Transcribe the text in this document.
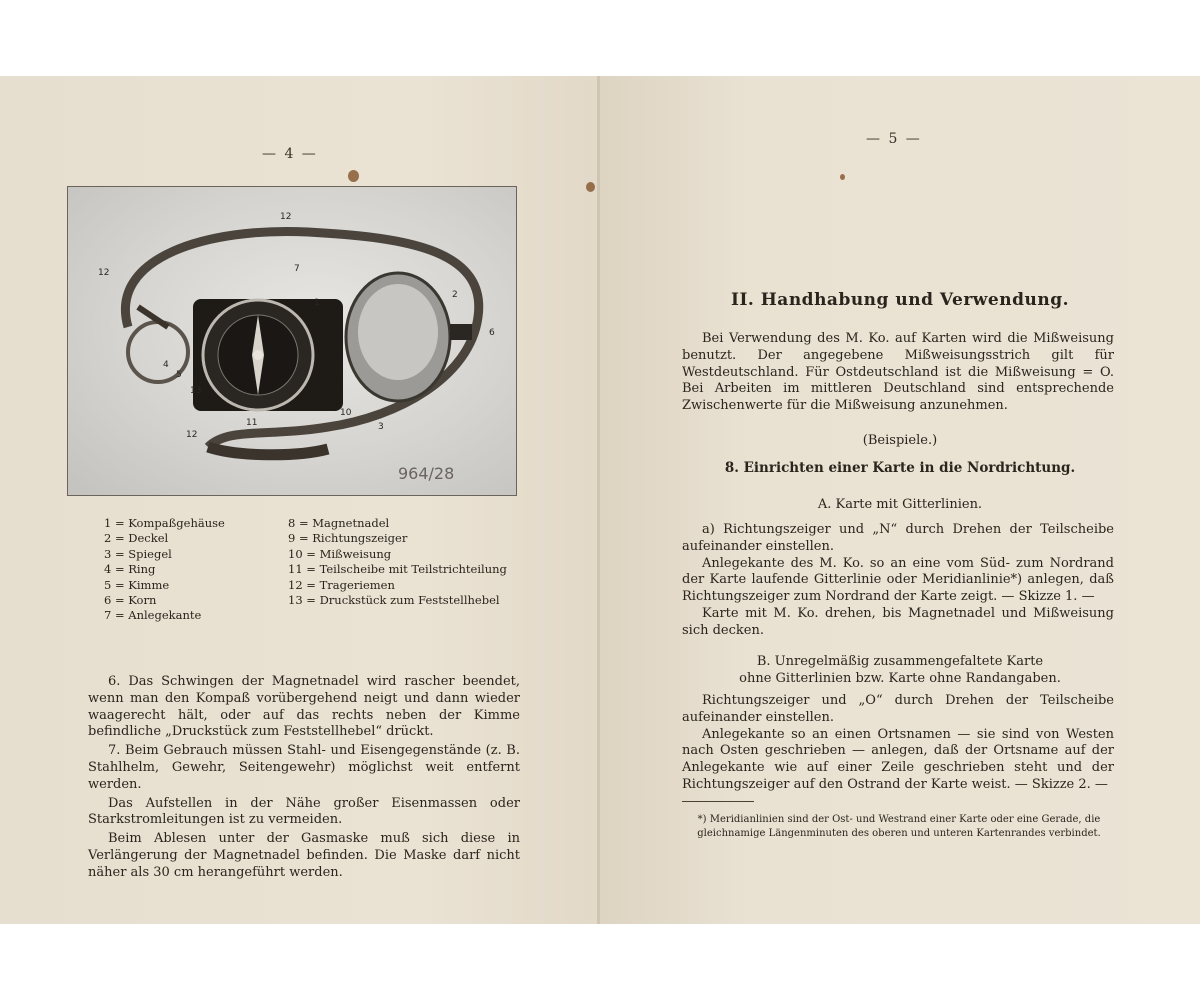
— 4 —
12
12	7
1
2
6
4
5
13
10
11	3
12
964/28
1 = Kompaßgehäuse
2 = Deckel
3 = Spiegel
4 = Ring
5 = Kimme
6 = Korn
7 = Anlegekante
8 = Magnetnadel
9 = Richtungszeiger
10 = Mißweisung
11 = Teilscheibe mit Teilstrichteilung
12 = Trageriemen
13 = Druckstück zum Feststellhebel

6. Das Schwingen der Magnetnadel wird rascher beendet, wenn man den Kompaß vorübergehend neigt und dann wieder waagerecht hält, oder auf das rechts neben der Kimme befindliche „Druckstück zum Feststellhebel“ drückt.

7. Beim Gebrauch müssen Stahl- und Eisengegenstände (z. B. Stahlhelm, Gewehr, Seitengewehr) möglichst weit entfernt werden.

Das Aufstellen in der Nähe großer Eisenmassen oder Starkstromleitungen ist zu vermeiden.

Beim Ablesen unter der Gasmaske muß sich diese in Verlängerung der Magnetnadel befinden. Die Maske darf nicht näher als 30 cm herangeführt werden.

— 5 —
II. Handhabung und Verwendung.

Bei Verwendung des M. Ko. auf Karten wird die Mißweisung benutzt. Der angegebene Mißweisungsstrich gilt für Westdeutschland. Für Ostdeutschland ist die Mißweisung = O. Bei Arbeiten im mittleren Deutschland sind entsprechende Zwischenwerte für die Mißweisung anzunehmen.

(Beispiele.)
8. Einrichten einer Karte in die Nordrichtung.
A. Karte mit Gitterlinien.

a) Richtungszeiger und „N“ durch Drehen der Teilscheibe aufeinander einstellen.

Anlegekante des M. Ko. so an eine vom Süd- zum Nordrand der Karte laufende Gitterlinie oder Meridianlinie*) anlegen, daß Richtungszeiger zum Nordrand der Karte zeigt. — Skizze 1. —

Karte mit M. Ko. drehen, bis Magnetnadel und Mißweisung sich decken.

B. Unregelmäßig zusammengefaltete Karte
ohne Gitterlinien bzw. Karte ohne Randangaben.

Richtungszeiger und „O“ durch Drehen der Teilscheibe aufeinander einstellen.

Anlegekante so an einen Ortsnamen — sie sind von Westen nach Osten geschrieben — anlegen, daß der Ortsname auf der Anlegekante wie auf einer Zeile geschrieben steht und der Richtungszeiger auf den Ostrand der Karte weist. — Skizze 2. —

*) Meridianlinien sind der Ost- und Westrand einer Karte oder eine Gerade, die gleichnamige Längenminuten des oberen und unteren Kartenrandes verbindet.
